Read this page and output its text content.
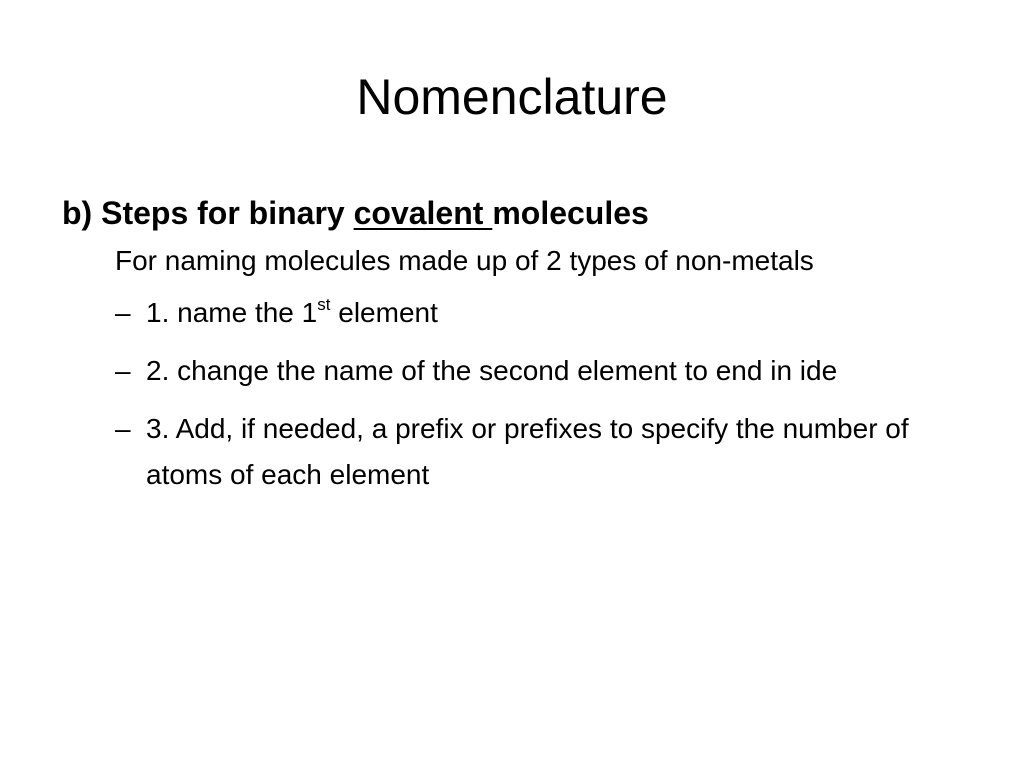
Nomenclature

b) Steps for binary covalent molecules

For naming molecules made up of 2 types of non-metals

– 1. name the 1st element
– 2. change the name of the second element to end in ide
– 3. Add, if needed, a prefix or prefixes to specify the number of atoms of each element
